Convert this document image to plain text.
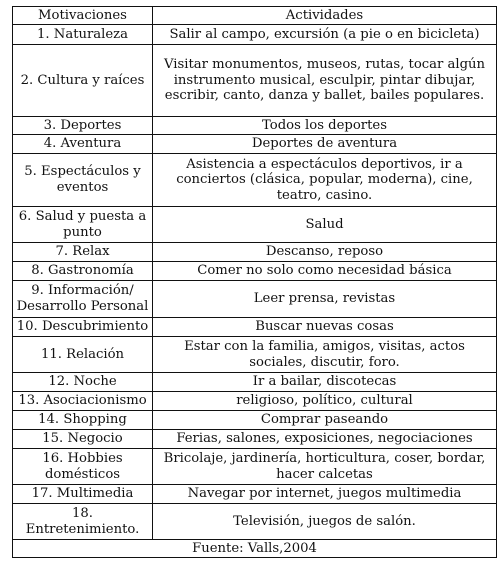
Motivaciones	Actividades
1. Naturaleza	Salir al campo, excursión (a pie o en bicicleta)
2. Cultura y raíces	Visitar monumentos, museos, rutas, tocar algún instrumento musical, esculpir, pintar dibujar, escribir, canto, danza y ballet, bailes populares.
3. Deportes	Todos los deportes
4. Aventura	Deportes de aventura
5. Espectáculos y eventos	Asistencia a espectáculos deportivos, ir a conciertos (clásica, popular, moderna), cine, teatro, casino.
6. Salud y puesta a punto	Salud
7. Relax	Descanso, reposo
8. Gastronomía	Comer no solo como necesidad básica
9. Información/ Desarrollo Personal	Leer prensa, revistas
10. Descubrimiento	Buscar nuevas cosas
11. Relación	Estar con la familia, amigos, visitas, actos sociales, discutir, foro.
12. Noche	Ir a bailar, discotecas
13. Asociacionismo	religioso, político, cultural
14. Shopping	Comprar paseando
15. Negocio	Ferias, salones, exposiciones, negociaciones
16. Hobbies domésticos	Bricolaje, jardinería, horticultura, coser, bordar, hacer calcetas
17. Multimedia	Navegar por internet, juegos multimedia
18. Entretenimiento.	Televisión, juegos de salón.
Fuente: Valls,2004	
